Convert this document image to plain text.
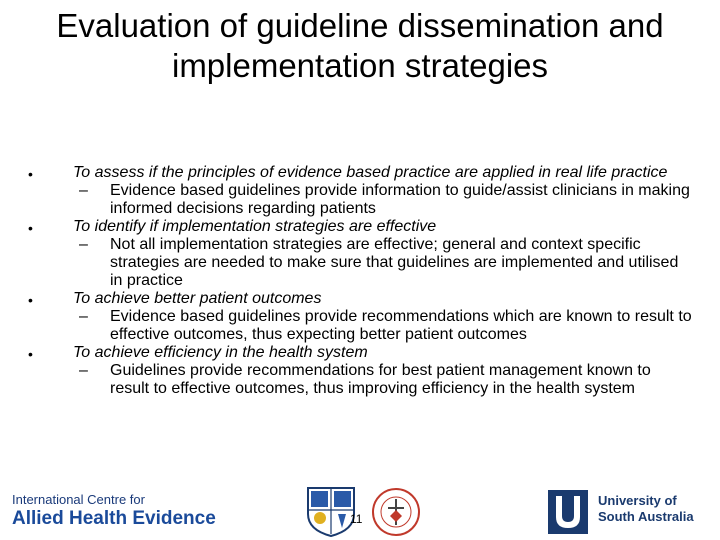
Evaluation of guideline dissemination and implementation strategies
•	To assess if the principles of evidence based practice are applied in real life practice

– Evidence based guidelines provide information to guide/assist clinicians in making informed decisions regarding patients

•	To identify if implementation strategies are effective

– Not all implementation strategies are effective; general and context specific strategies are needed to make sure that guidelines are implemented and utilised in practice

•	To achieve better patient outcomes

– Evidence based guidelines provide recommendations which are known to result to effective outcomes, thus expecting better patient outcomes

•	To achieve efficiency in the health system

– Guidelines provide recommendations for best patient management known to result to effective outcomes, thus improving efficiency in the health system

International Centre for
Allied Health Evidence	11
University of
South Australia
